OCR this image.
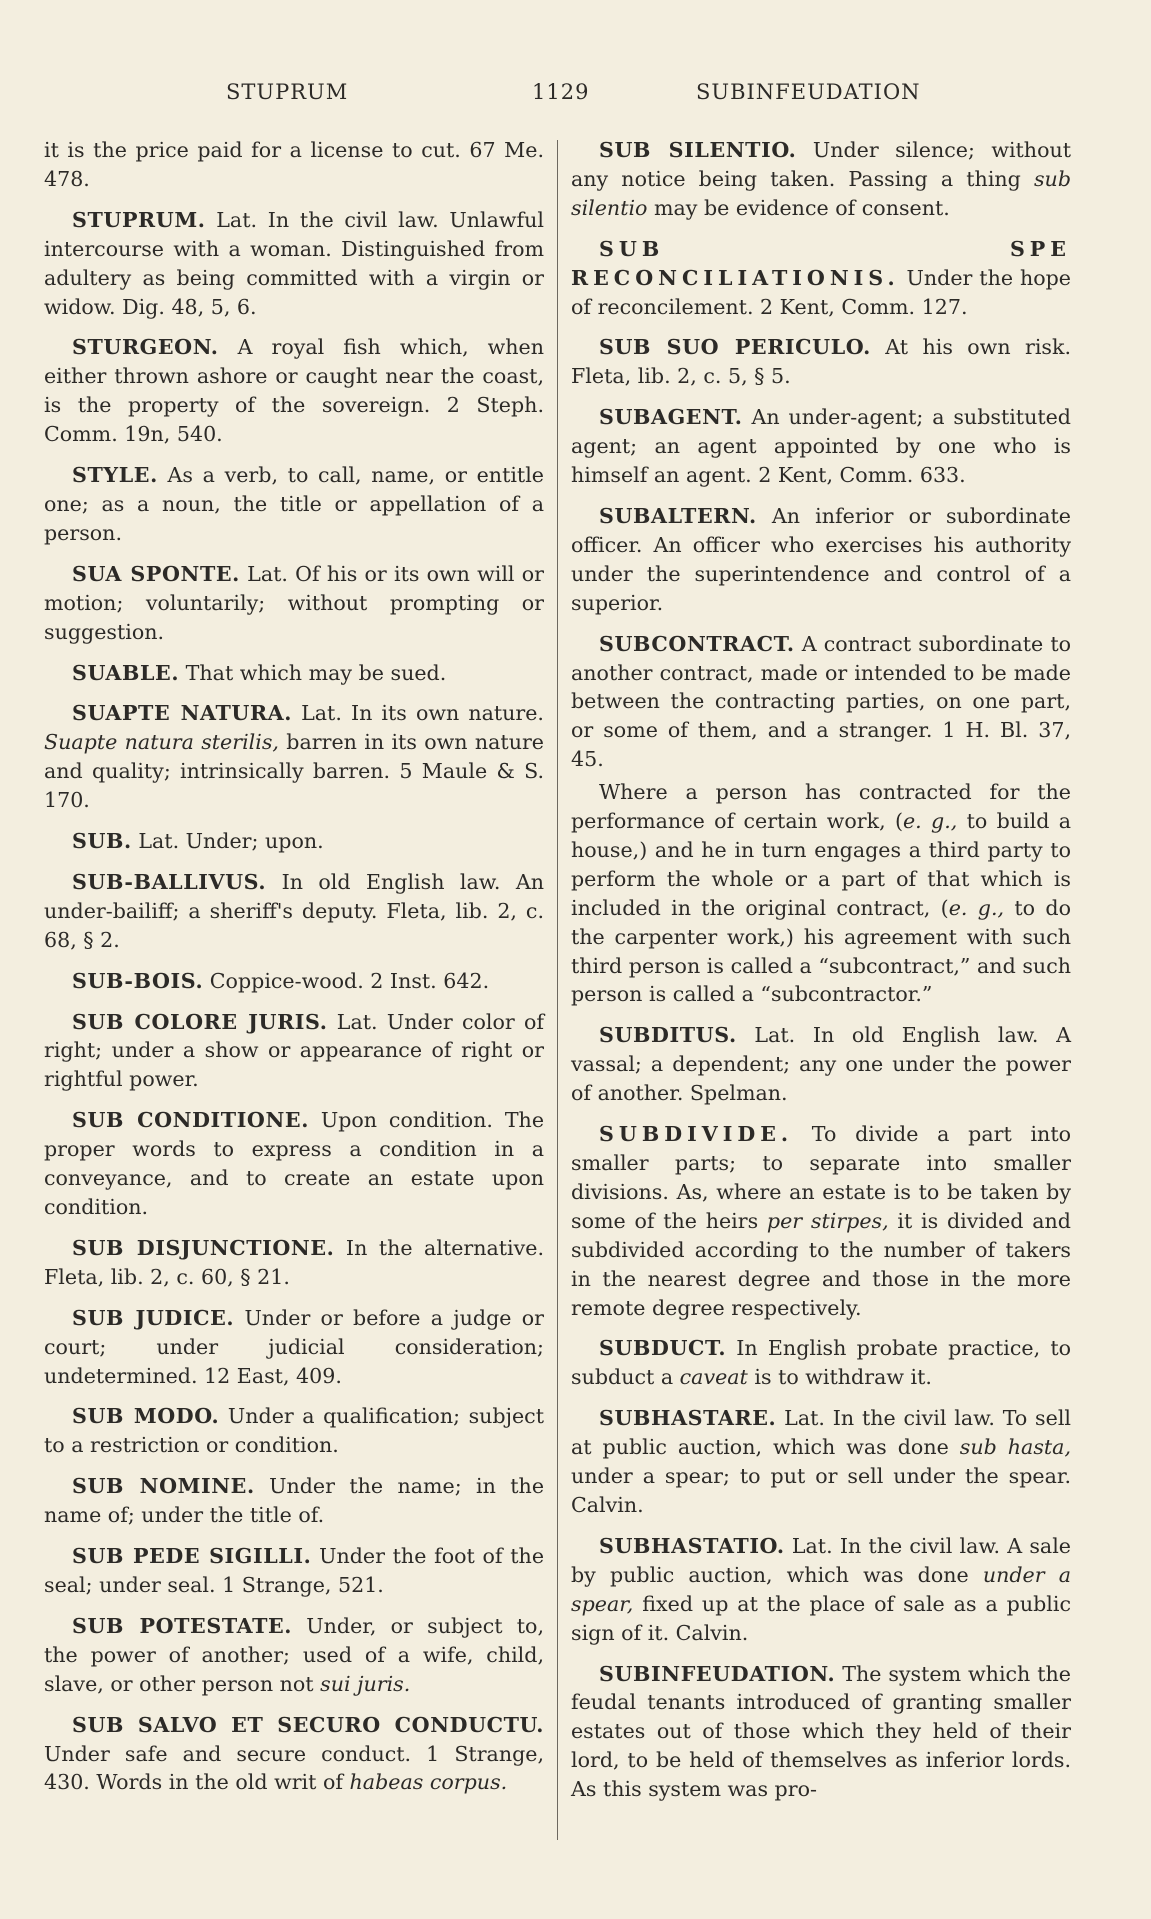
STUPRUM	1129	SUBINFEUDATION

it is the price paid for a license to cut. 67 Me. 478.

STUPRUM. Lat. In the civil law. Unlawful intercourse with a woman. Distinguished from adultery as being committed with a virgin or widow. Dig. 48, 5, 6.

STURGEON. A royal fish which, when either thrown ashore or caught near the coast, is the property of the sovereign. 2 Steph. Comm. 19n, 540.

STYLE. As a verb, to call, name, or entitle one; as a noun, the title or appellation of a person.

SUA SPONTE. Lat. Of his or its own will or motion; voluntarily; without prompting or suggestion.

SUABLE. That which may be sued.

SUAPTE NATURA. Lat. In its own nature. Suapte natura sterilis, barren in its own nature and quality; intrinsically barren. 5 Maule & S. 170.

SUB. Lat. Under; upon.

SUB-BALLIVUS. In old English law. An under-bailiff; a sheriff's deputy. Fleta, lib. 2, c. 68, § 2.

SUB-BOIS. Coppice-wood. 2 Inst. 642.

SUB COLORE JURIS. Lat. Under color of right; under a show or appearance of right or rightful power.

SUB CONDITIONE. Upon condition. The proper words to express a condition in a conveyance, and to create an estate upon condition.

SUB DISJUNCTIONE. In the alternative. Fleta, lib. 2, c. 60, § 21.

SUB JUDICE. Under or before a judge or court; under judicial consideration; undetermined. 12 East, 409.

SUB MODO. Under a qualification; subject to a restriction or condition.

SUB NOMINE. Under the name; in the name of; under the title of.

SUB PEDE SIGILLI. Under the foot of the seal; under seal. 1 Strange, 521.

SUB POTESTATE. Under, or subject to, the power of another; used of a wife, child, slave, or other person not sui juris.

SUB SALVO ET SECURO CONDUCTU. Under safe and secure conduct. 1 Strange, 430. Words in the old writ of habeas corpus.

SUB SILENTIO. Under silence; without any notice being taken. Passing a thing sub silentio may be evidence of consent.

SUB SPE RECONCILIATIONIS. Under the hope of reconcilement. 2 Kent, Comm. 127.

SUB SUO PERICULO. At his own risk. Fleta, lib. 2, c. 5, § 5.

SUBAGENT. An under-agent; a substituted agent; an agent appointed by one who is himself an agent. 2 Kent, Comm. 633.

SUBALTERN. An inferior or subordinate officer. An officer who exercises his authority under the superintendence and control of a superior.

SUBCONTRACT. A contract subordinate to another contract, made or intended to be made between the contracting parties, on one part, or some of them, and a stranger. 1 H. Bl. 37, 45.

Where a person has contracted for the performance of certain work, (e. g., to build a house,) and he in turn engages a third party to perform the whole or a part of that which is included in the original contract, (e. g., to do the carpenter work,) his agreement with such third person is called a “subcontract,” and such person is called a “subcontractor.”

SUBDITUS. Lat. In old English law. A vassal; a dependent; any one under the power of another. Spelman.

SUBDIVIDE. To divide a part into smaller parts; to separate into smaller divisions. As, where an estate is to be taken by some of the heirs per stirpes, it is divided and subdivided according to the number of takers in the nearest degree and those in the more remote degree respectively.

SUBDUCT. In English probate practice, to subduct a caveat is to withdraw it.

SUBHASTARE. Lat. In the civil law. To sell at public auction, which was done sub hasta, under a spear; to put or sell under the spear. Calvin.

SUBHASTATIO. Lat. In the civil law. A sale by public auction, which was done under a spear, fixed up at the place of sale as a public sign of it. Calvin.

SUBINFEUDATION. The system which the feudal tenants introduced of granting smaller estates out of those which they held of their lord, to be held of themselves as inferior lords. As this system was pro-
